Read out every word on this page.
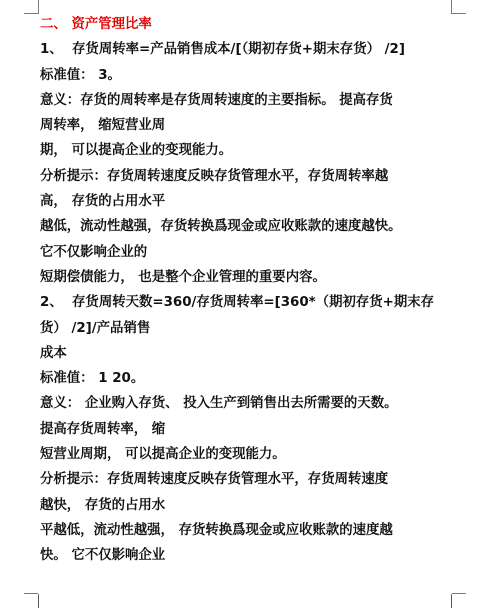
二、 资产管理比率
1、  存货周转率=产品销售成本/[（期初存货+期末存货） /2]
标准值： 3。
意义：存货的周转率是存货周转速度的主要指标。 提高存货
周转率， 缩短营业周
期， 可以提高企业的变现能力。
分析提示：存货周转速度反映存货管理水平，存货周转率越
高， 存货的占用水平
越低，流动性越强，存货转换爲现金或应收账款的速度越快。
它不仅影响企业的
短期偿债能力， 也是整个企业管理的重要内容。
2、  存货周转天数=360/存货周转率=[360*（期初存货+期末存
货） /2]/产品销售
成本
标准值： 1 20。
意义： 企业购入存货、 投入生产到销售出去所需要的天数。
提高存货周转率， 缩
短营业周期， 可以提高企业的变现能力。
分析提示：存货周转速度反映存货管理水平，存货周转速度
越快， 存货的占用水
平越低，流动性越强， 存货转换爲现金或应收账款的速度越
快。 它不仅影响企业
